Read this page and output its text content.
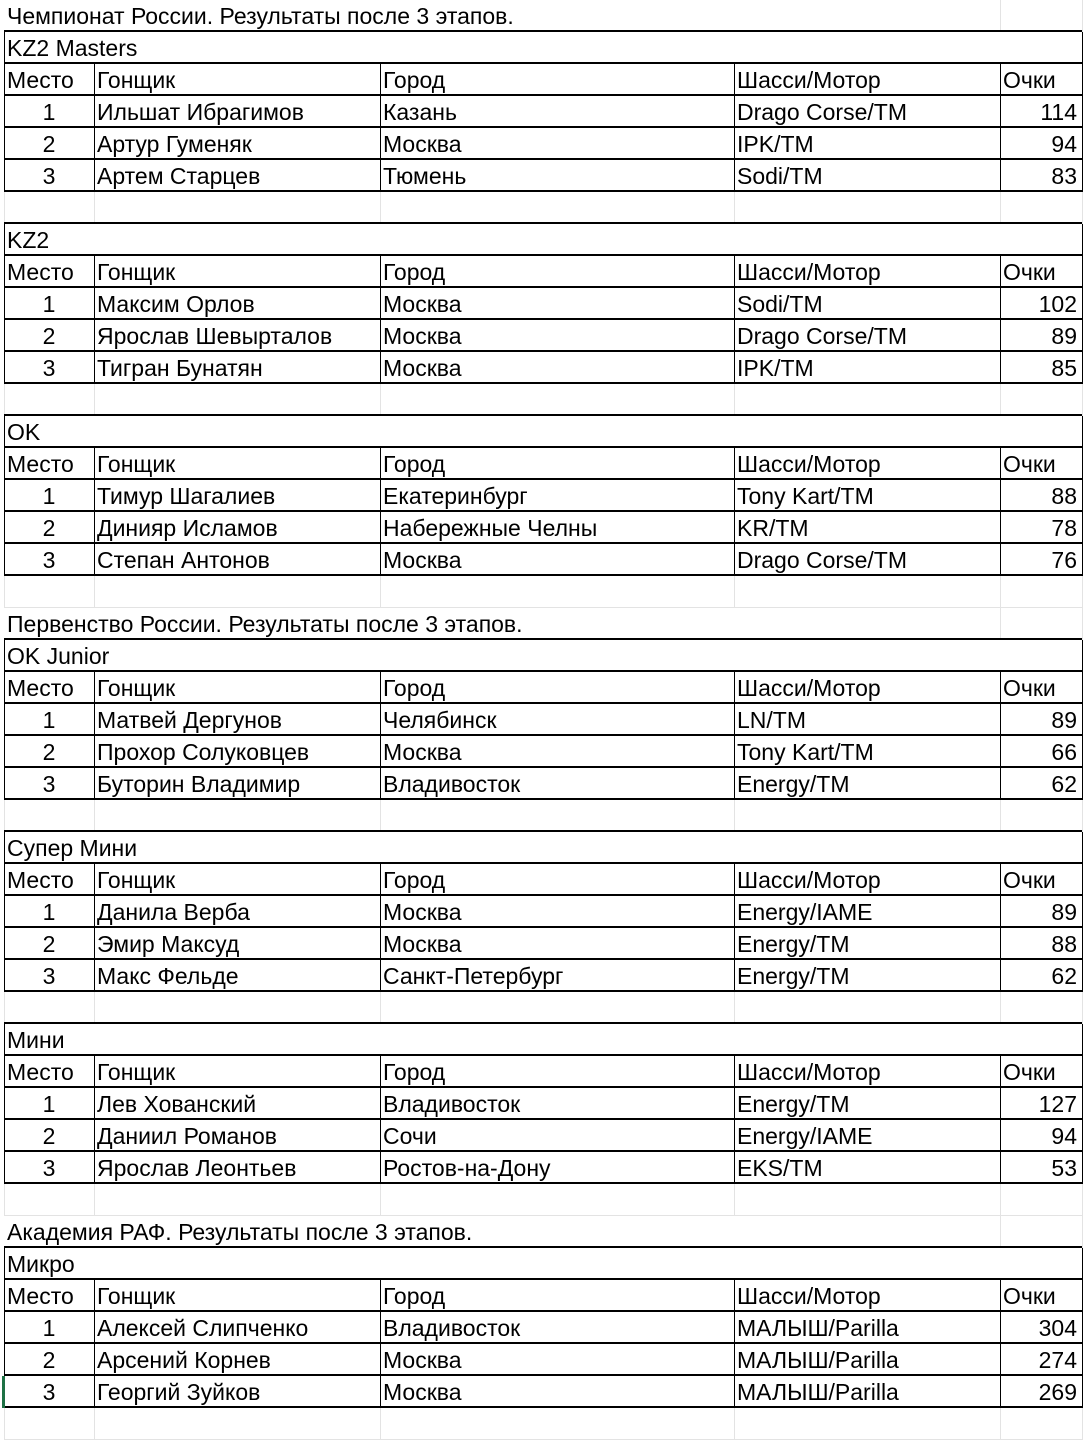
Чемпионат России. Результаты после 3 этапов.
KZ2 Masters
Место	Гонщик	Город	Шасси/Мотор	Очки
1	Ильшат Ибрагимов	Казань	Drago Corse/TM	114
2	Артур Гуменяк	Москва	IPK/TM	94
3	Артем Старцев	Тюмень	Sodi/TM	83
KZ2
Место	Гонщик	Город	Шасси/Мотор	Очки
1	Максим Орлов	Москва	Sodi/TM	102
2	Ярослав Шевырталов	Москва	Drago Corse/TM	89
3	Тигран Бунатян	Москва	IPK/TM	85
OK
Место	Гонщик	Город	Шасси/Мотор	Очки
1	Тимур Шагалиев	Екатеринбург	Tony Kart/TM	88
2	Динияр Исламов	Набережные Челны	KR/TM	78
3	Степан Антонов	Москва	Drago Corse/TM	76
Первенство России. Результаты после 3 этапов.
OK Junior
Место	Гонщик	Город	Шасси/Мотор	Очки
1	Матвей Дергунов	Челябинск	LN/TM	89
2	Прохор Солуковцев	Москва	Tony Kart/TM	66
3	Буторин Владимир	Владивосток	Energy/TM	62
Супер Мини
Место	Гонщик	Город	Шасси/Мотор	Очки
1	Данила Верба	Москва	Energy/IAME	89
2	Эмир Максуд	Москва	Energy/TM	88
3	Макс Фельде	Санкт-Петербург	Energy/TM	62
Мини
Место	Гонщик	Город	Шасси/Мотор	Очки
1	Лев Хованский	Владивосток	Energy/TM	127
2	Даниил Романов	Сочи	Energy/IAME	94
3	Ярослав Леонтьев	Ростов-на-Дону	EKS/TM	53
Академия РАФ. Результаты после 3 этапов.
Микро
Место	Гонщик	Город	Шасси/Мотор	Очки
1	Алексей Слипченко	Владивосток	МАЛЫШ/Parilla	304
2	Арсений Корнев	Москва	МАЛЫШ/Parilla	274
3	Георгий Зуйков	Москва	МАЛЫШ/Parilla	269
